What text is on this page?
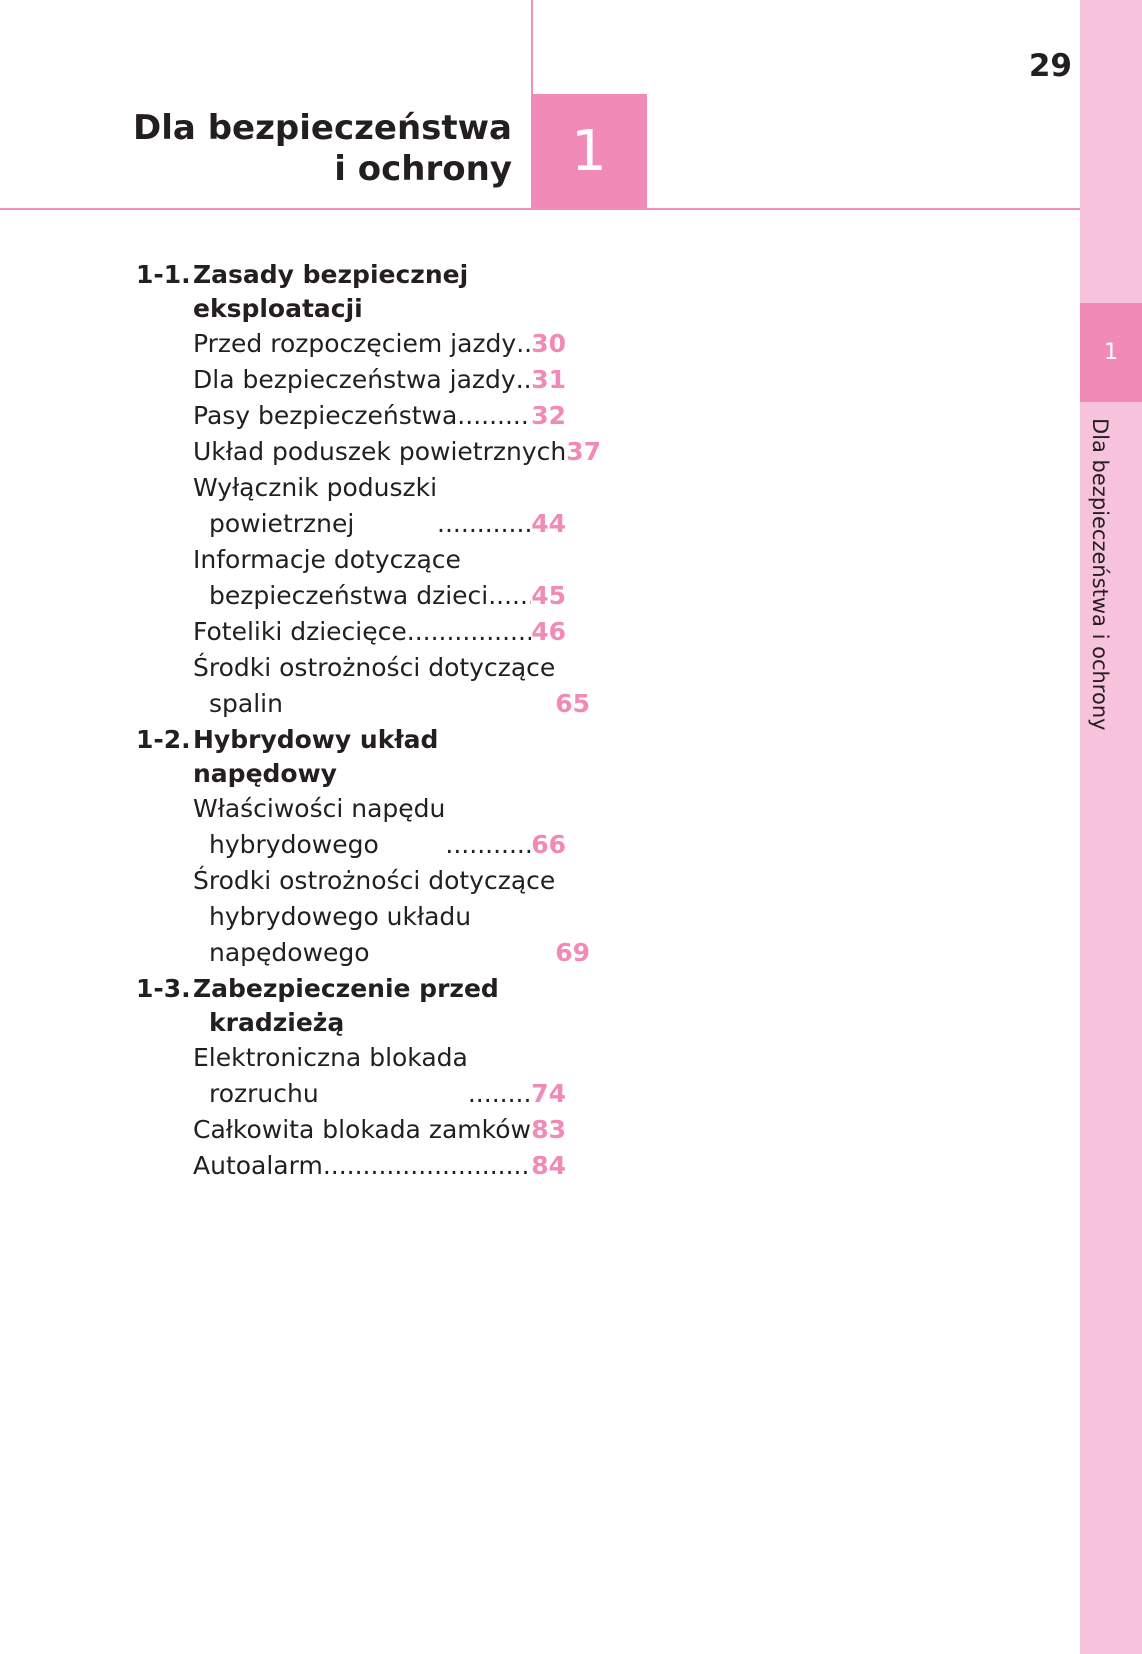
Dla bezpieczeństwa
i ochrony	1
29
1
Dla bezpieczeństwa i ochrony
1-1. Zasady bezpiecznej eksploatacji
Przed rozpoczęciem jazdy ..... 30
Dla bezpieczeństwa jazdy ..... 31
Pasy bezpieczeństwa .....	32
Układ poduszek powietrznych 37
Wyłącznik poduszki
powietrznej .....	44
Informacje dotyczące
bezpieczeństwa dzieci ..... 45
Foteliki dziecięce .....	46
Środki ostrożności dotyczące
spalin	65
1-2. Hybrydowy układ napędowy
Właściwości napędu
hybrydowego .....	66
Środki ostrożności dotyczące
hybrydowego układu
napędowego	69
1-3. Zabezpieczenie przed
kradzieżą
Elektroniczna blokada
rozruchu .....	74
Całkowita blokada zamków ..... 83
Autoalarm .....	84
